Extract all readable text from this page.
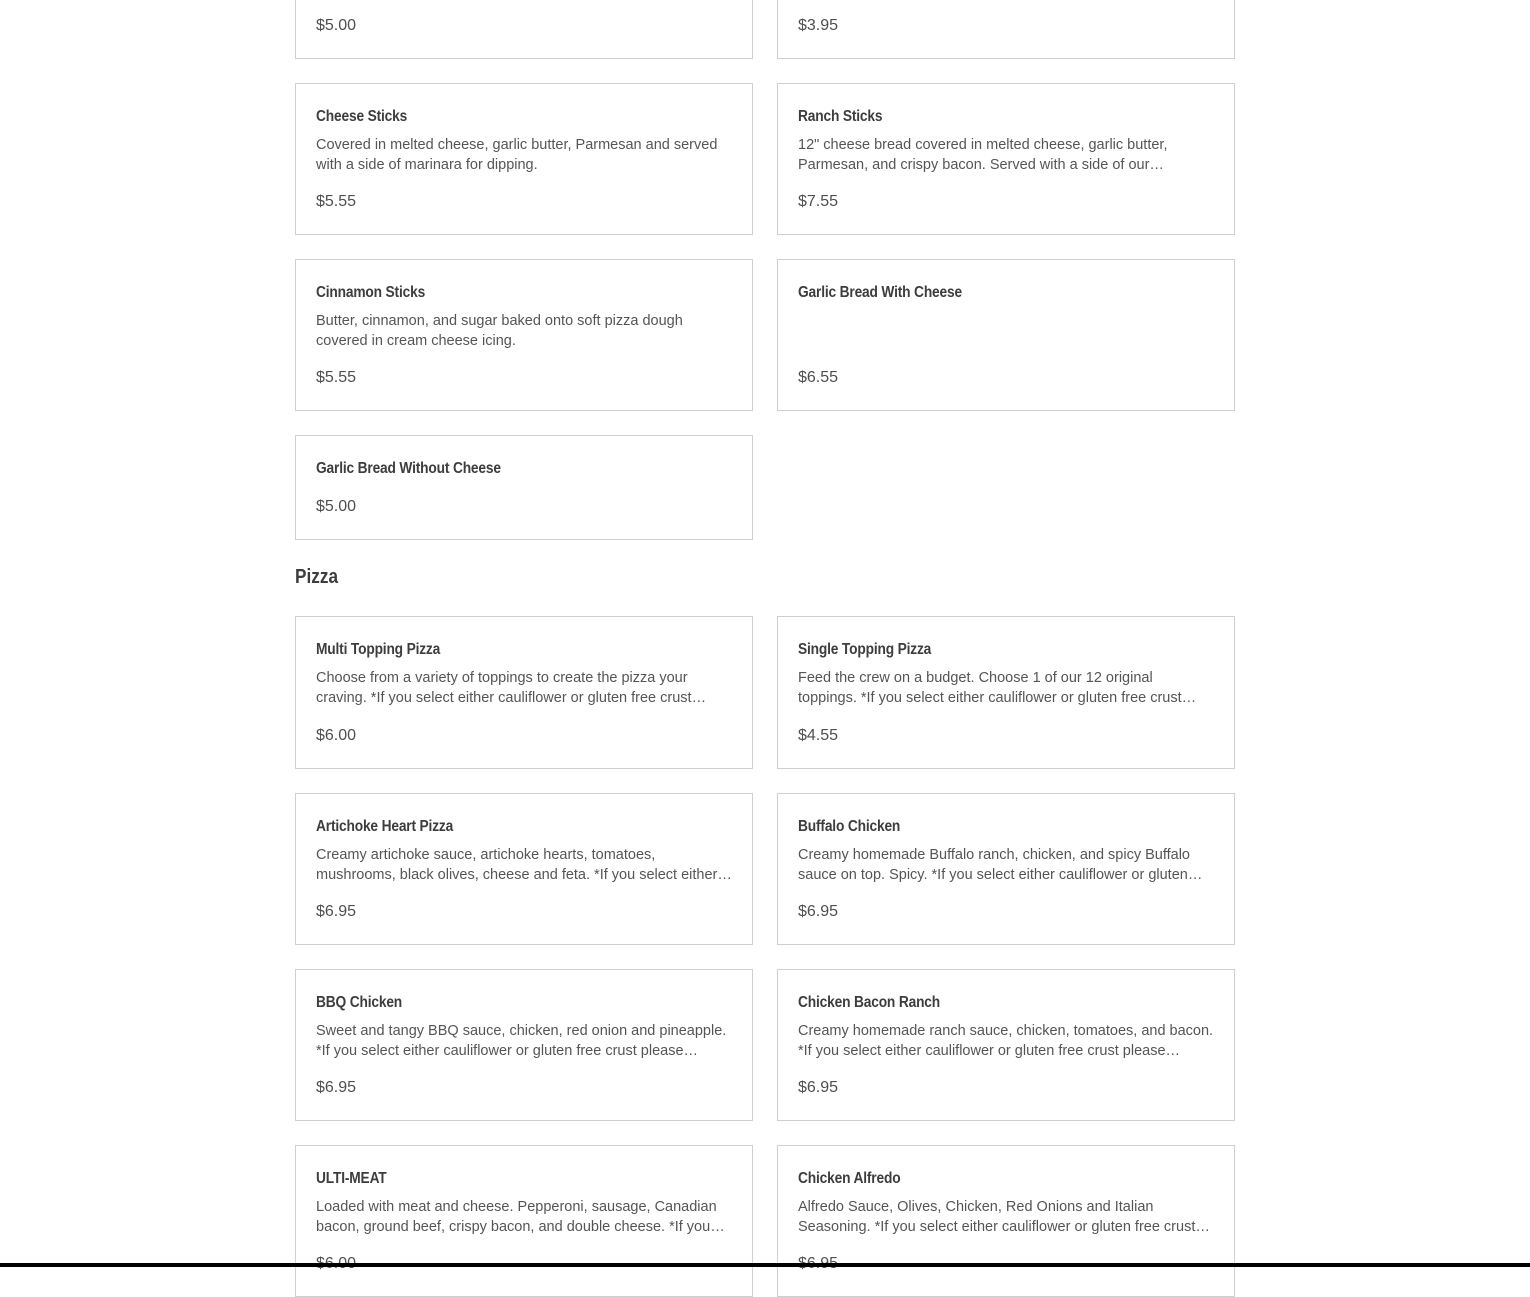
$5.00	$3.95
Cheese Sticks
Covered in melted cheese, garlic butter, Parmesan and served with a side of marinara for dipping.
$5.55
Ranch Sticks
12" cheese bread covered in melted cheese, garlic butter, Parmesan, and crispy bacon. Served with a side of our
$7.55
Cinnamon Sticks
Butter, cinnamon, and sugar baked onto soft pizza dough covered in cream cheese icing.
$5.55
Garlic Bread With Cheese
$6.55
Garlic Bread Without Cheese
$5.00
Pizza
Multi Topping Pizza
Choose from a variety of toppings to create the pizza your craving. *If you select either cauliflower or gluten free crust
$6.00
Single Topping Pizza
Feed the crew on a budget. Choose 1 of our 12 original toppings. *If you select either cauliflower or gluten free crust
$4.55
Artichoke Heart Pizza
Creamy artichoke sauce, artichoke hearts, tomatoes, mushrooms, black olives, cheese and feta. *If you select either
$6.95
Buffalo Chicken
Creamy homemade Buffalo ranch, chicken, and spicy Buffalo sauce on top. Spicy. *If you select either cauliflower or gluten
$6.95
BBQ Chicken
Sweet and tangy BBQ sauce, chicken, red onion and pineapple. *If you select either cauliflower or gluten free crust please
$6.95
Chicken Bacon Ranch
Creamy homemade ranch sauce, chicken, tomatoes, and bacon. *If you select either cauliflower or gluten free crust please
$6.95
ULTI-MEAT
Loaded with meat and cheese. Pepperoni, sausage, Canadian bacon, ground beef, crispy bacon, and double cheese. *If you
Chicken Alfredo
Alfredo Sauce, Olives, Chicken, Red Onions and Italian Seasoning. *If you select either cauliflower or gluten free crust
